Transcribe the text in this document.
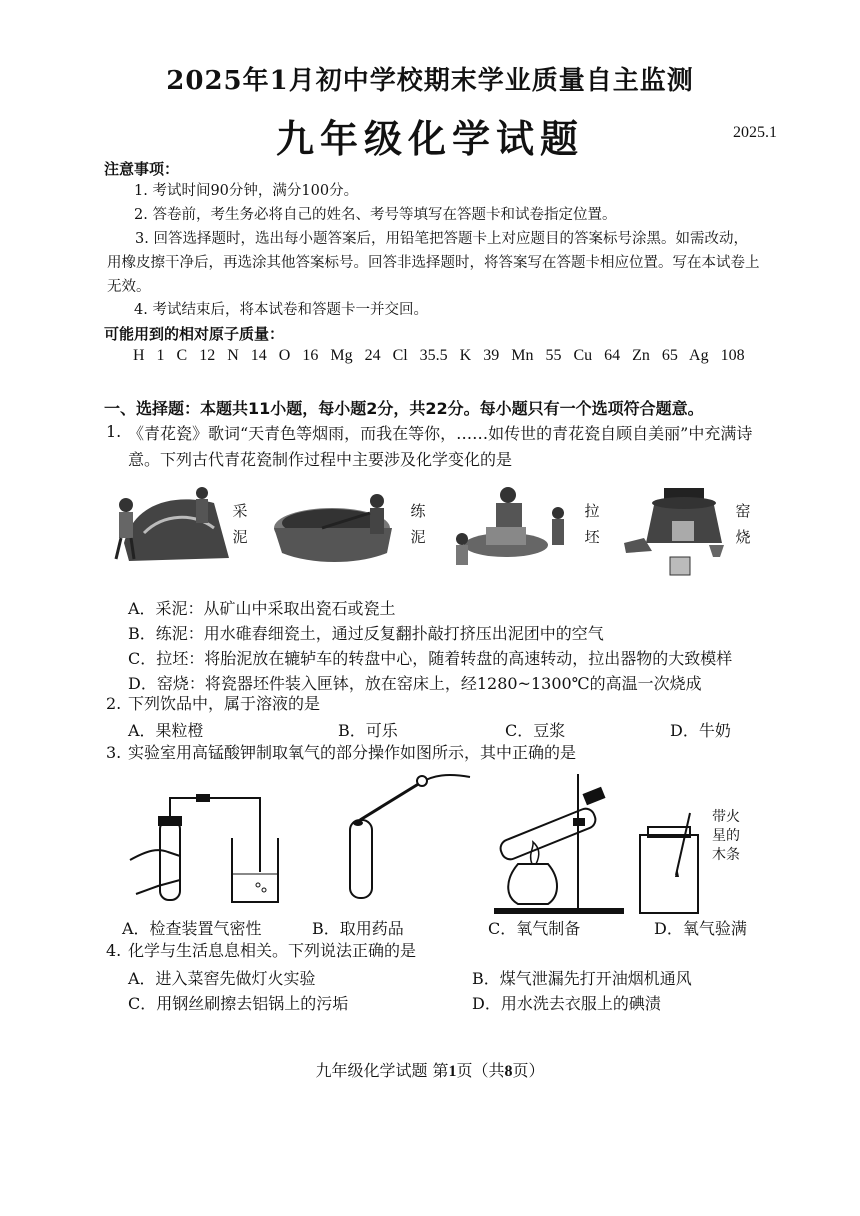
2025年1月初中学校期末学业质量自主监测
九年级化学试题	2025.1
注意事项：
1. 考试时间90分钟，满分100分。
2. 答卷前，考生务必将自己的姓名、考号等填写在答题卡和试卷指定位置。
3. 回答选择题时，选出每小题答案后，用铅笔把答题卡上对应题目的答案标号涂黑。如需改动，用橡皮擦干净后，再选涂其他答案标号。回答非选择题时，将答案写在答题卡相应位置。写在本试卷上无效。
4. 考试结束后，将本试卷和答题卡一并交回。
可能用到的相对原子质量：
H 1 C 12 N 14 O 16 Mg 24 Cl 35.5 K 39 Mn 55 Cu 64 Zn 65 Ag 108
一、选择题：本题共11小题，每小题2分，共22分。每小题只有一个选项符合题意。
1. 《青花瓷》歌词“天青色等烟雨，而我在等你，……如传世的青花瓷自顾自美丽”中充满诗意。下列古代青花瓷制作过程中主要涉及化学变化的是
采
泥
练
泥
拉
坯
窑
烧
A．采泥：从矿山中采取出瓷石或瓷土
B．练泥：用水碓舂细瓷土，通过反复翻扑敲打挤压出泥团中的空气
C．拉坯：将胎泥放在辘轳车的转盘中心，随着转盘的高速转动，拉出器物的大致模样
D．窑烧：将瓷器坯件装入匣钵，放在窑床上，经1280~1300℃的高温一次烧成
2. 下列饮品中，属于溶液的是
A．果粒橙	B．可乐	C．豆浆	D．牛奶
3. 实验室用高锰酸钾制取氧气的部分操作如图所示，其中正确的是
带火
星的
木条
A．检查装置气密性	B．取用药品	C．氧气制备	D．氧气验满
4. 化学与生活息息相关。下列说法正确的是
A．进入菜窖先做灯火实验	B．煤气泄漏先打开油烟机通风
C．用钢丝刷擦去铝锅上的污垢	D．用水洗去衣服上的碘渍
九年级化学试题 第1页（共8页）
